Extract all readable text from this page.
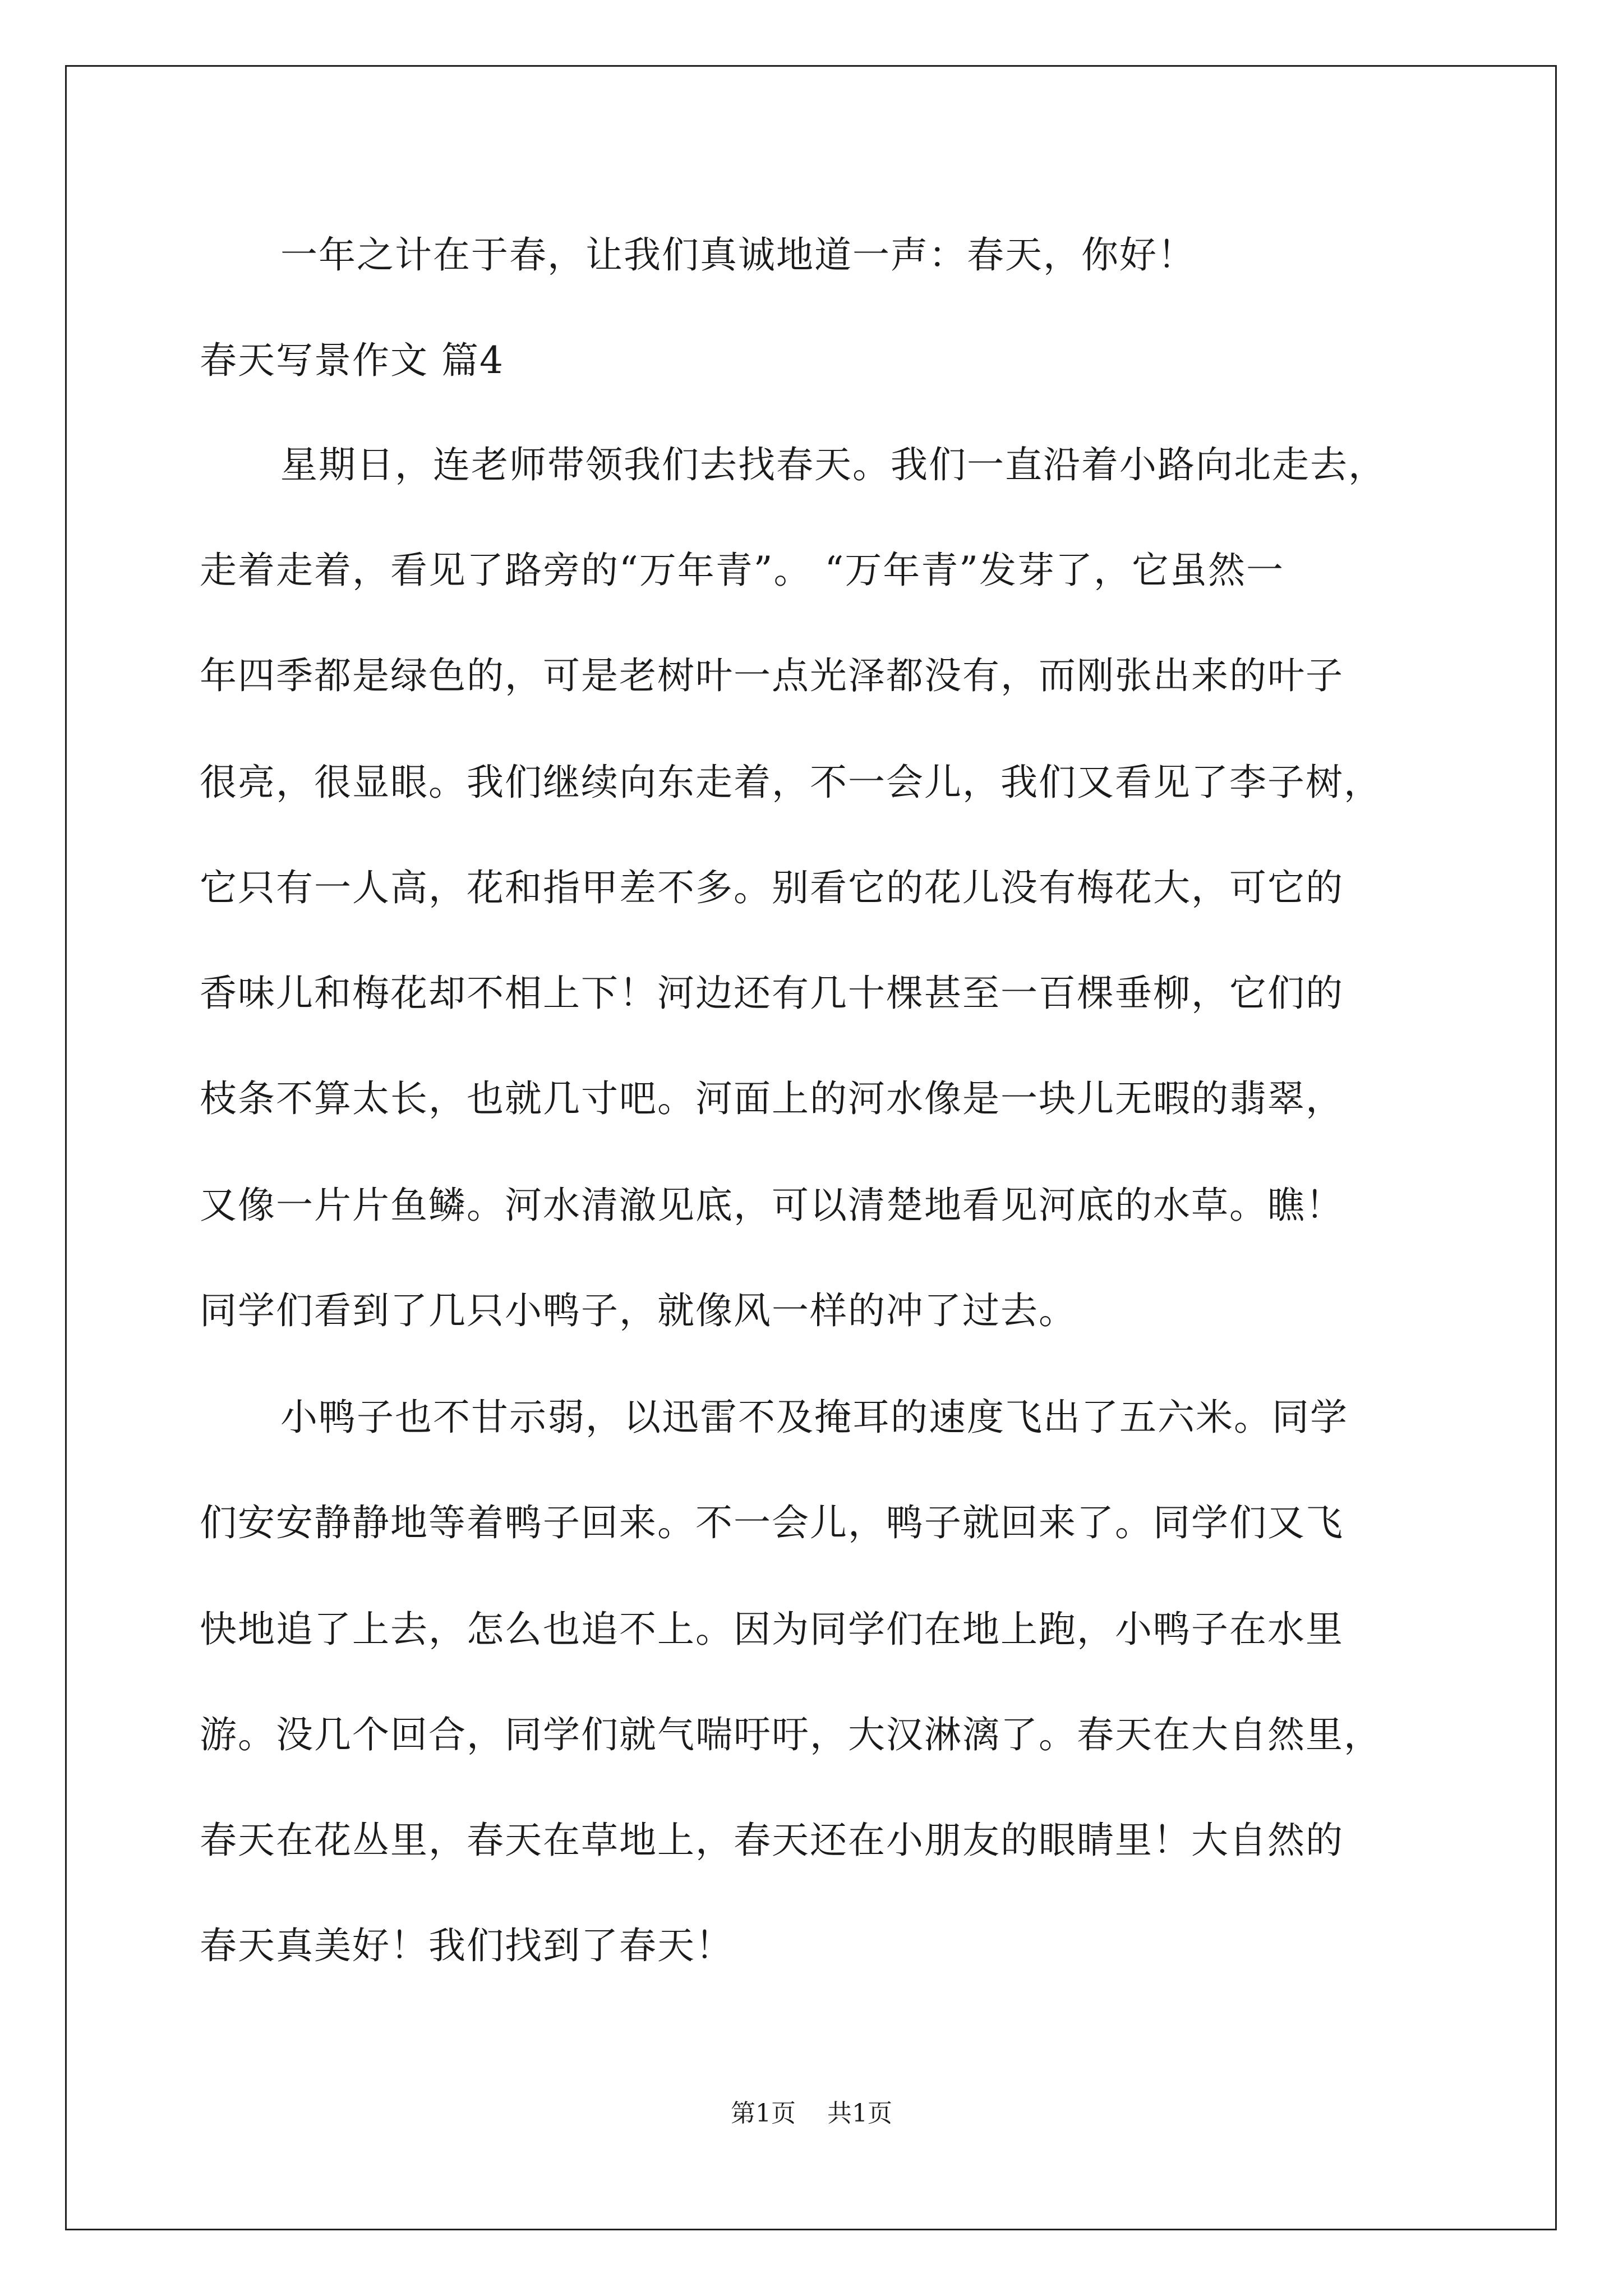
一年之计在于春，让我们真诚地道一声：春天，你好！
春天写景作文 篇4
星期日，连老师带领我们去找春天。我们一直沿着小路向北走去，
走着走着，看见了路旁的“万年青”。 “万年青”发芽了，它虽然一
年四季都是绿色的，可是老树叶一点光泽都没有，而刚张出来的叶子
很亮，很显眼。我们继续向东走着，不一会儿，我们又看见了李子树，
它只有一人高，花和指甲差不多。别看它的花儿没有梅花大，可它的
香味儿和梅花却不相上下！河边还有几十棵甚至一百棵垂柳，它们的
枝条不算太长，也就几寸吧。河面上的河水像是一块儿无暇的翡翠，
又像一片片鱼鳞。河水清澈见底，可以清楚地看见河底的水草。瞧！
同学们看到了几只小鸭子，就像风一样的冲了过去。
小鸭子也不甘示弱，以迅雷不及掩耳的速度飞出了五六米。同学
们安安静静地等着鸭子回来。不一会儿，鸭子就回来了。同学们又飞
快地追了上去，怎么也追不上。因为同学们在地上跑，小鸭子在水里
游。没几个回合，同学们就气喘吁吁，大汉淋漓了。春天在大自然里，
春天在花丛里，春天在草地上，春天还在小朋友的眼睛里！大自然的
春天真美好！我们找到了春天！
第1页 共1页
